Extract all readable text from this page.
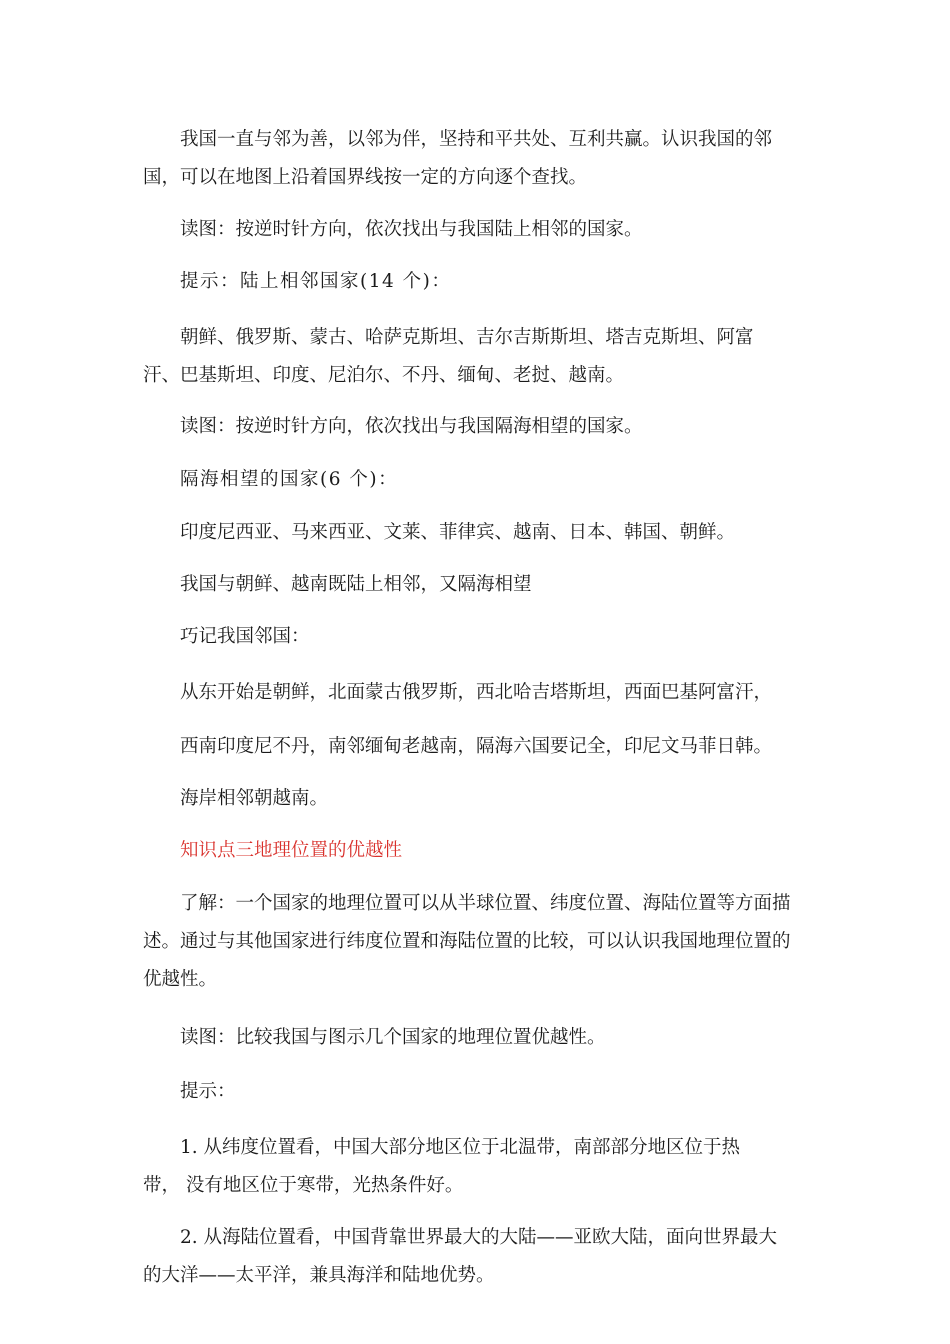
我国一直与邻为善，以邻为伴，坚持和平共处、互利共赢。认识我国的邻国，可以在地图上沿着国界线按一定的方向逐个查找。

读图：按逆时针方向，依次找出与我国陆上相邻的国家。

提示：陆上相邻国家(14 个)：

朝鲜、俄罗斯、蒙古、哈萨克斯坦、吉尔吉斯斯坦、塔吉克斯坦、阿富 汗、巴基斯坦、印度、尼泊尔、不丹、缅甸、老挝、越南。

读图：按逆时针方向，依次找出与我国隔海相望的国家。

隔海相望的国家(6 个)：

印度尼西亚、马来西亚、文莱、菲律宾、越南、日本、韩国、朝鲜。

我国与朝鲜、越南既陆上相邻，又隔海相望

巧记我国邻国：

从东开始是朝鲜，北面蒙古俄罗斯，西北哈吉塔斯坦，西面巴基阿富汗，

西南印度尼不丹，南邻缅甸老越南，隔海六国要记全，印尼文马菲日韩。

海岸相邻朝越南。

知识点三地理位置的优越性

了解：一个国家的地理位置可以从半球位置、纬度位置、海陆位置等方面描述。通过与其他国家进行纬度位置和海陆位置的比较，可以认识我国地理位置的优越性。

读图：比较我国与图示几个国家的地理位置优越性。

提示：

1. 从纬度位置看，中国大部分地区位于北温带，南部部分地区位于热带， 没有地区位于寒带，光热条件好。

2. 从海陆位置看，中国背靠世界最大的大陆——亚欧大陆，面向世界最大 的大洋——太平洋，兼具海洋和陆地优势。
